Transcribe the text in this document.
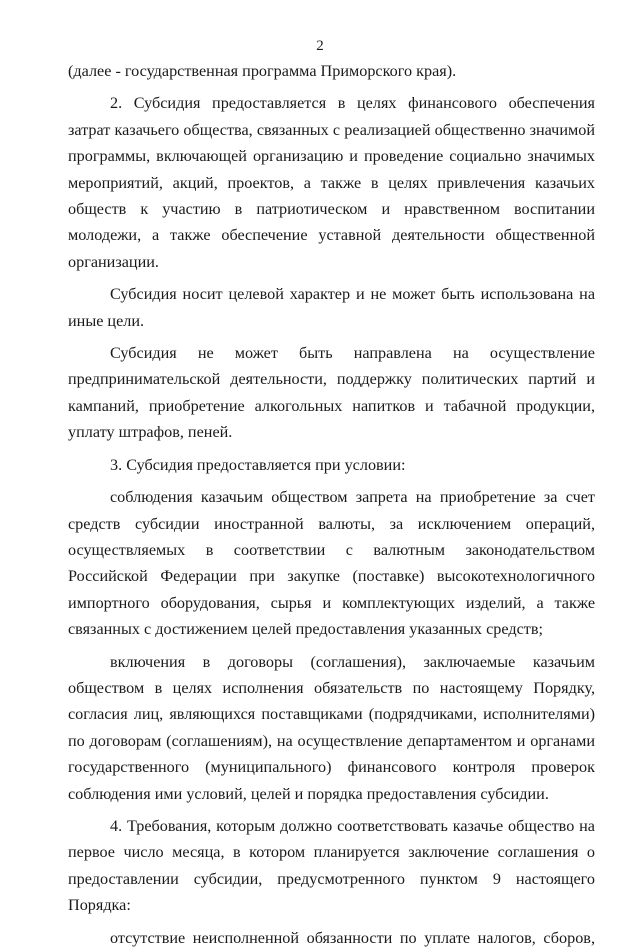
2

(далее - государственная программа Приморского края).

2. Субсидия предоставляется в целях финансового обеспечения затрат казачьего общества, связанных с реализацией общественно значимой программы, включающей организацию и проведение социально значимых мероприятий, акций, проектов, а также в целях привлечения казачьих обществ к участию в патриотическом и нравственном воспитании молодежи, а также обеспечение уставной деятельности общественной организации.

Субсидия носит целевой характер и не может быть использована на иные цели.

Субсидия не может быть направлена на осуществление предпринимательской деятельности, поддержку политических партий и кампаний, приобретение алкогольных напитков и табачной продукции, уплату штрафов, пеней.

3. Субсидия предоставляется при условии:

соблюдения казачьим обществом запрета на приобретение за счет средств субсидии иностранной валюты, за исключением операций, осуществляемых в соответствии с валютным законодательством Российской Федерации при закупке (поставке) высокотехнологичного импортного оборудования, сырья и комплектующих изделий, а также связанных с достижением целей предоставления указанных средств;

включения в договоры (соглашения), заключаемые казачьим обществом в целях исполнения обязательств по настоящему Порядку, согласия лиц, являющихся поставщиками (подрядчиками, исполнителями) по договорам (соглашениям), на осуществление департаментом и органами государственного (муниципального) финансового контроля проверок соблюдения ими условий, целей и порядка предоставления субсидии.

4. Требования, которым должно соответствовать казачье общество на первое число месяца, в котором планируется заключение соглашения о предоставлении субсидии, предусмотренного пунктом 9 настоящего Порядка:

отсутствие неисполненной обязанности по уплате налогов, сборов,
